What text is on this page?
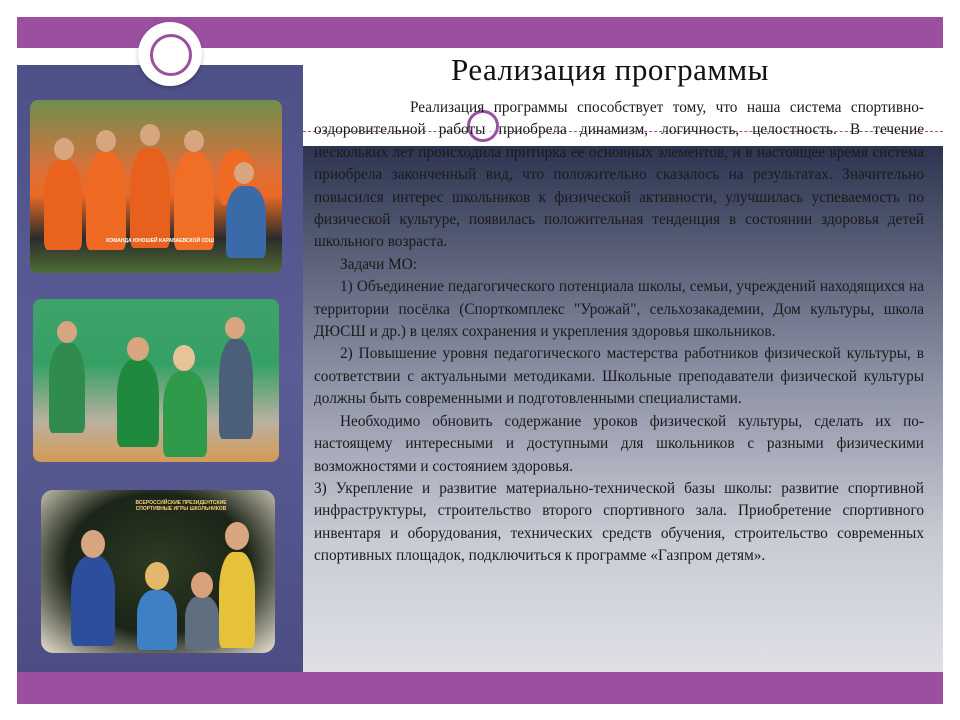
КОМАНДА ЮНОШЕЙ КАРАВАЕВСКОЙ СОШ
ВСЕРОССИЙСКИЕ ПРЕЗИДЕНТСКИЕ СПОРТИВНЫЕ ИГРЫ ШКОЛЬНИКОВ
Реализация программы

Реализация программы способствует тому, что наша система спортивно-оздоровительной работы приобрела динамизм, логичность, целостность. В течение нескольких лет происходила притирка ее основных элементов, и в настоящее время система приобрела законченный вид, что положительно сказалось на результатах. Значительно повысился интерес школьников к физической активности, улучшилась успеваемость по физической культуре, появилась положительная тенденция в состоянии здоровья детей школьного возраста.

Задачи МО:

1) Объединение педагогического потенциала школы, семьи, учреждений находящихся на территории посёлка (Спорткомплекс "Урожай", сельхозакадемии, Дом культуры, школа ДЮСШ и др.) в целях сохранения и укрепления здоровья школьников.

2) Повышение уровня педагогического мастерства работников физической культуры, в соответствии с актуальными методиками. Школьные преподаватели физической культуры должны быть современными и подготовленными специалистами.

Необходимо обновить содержание уроков физической культуры, сделать их по-настоящему интересными и доступными для школьников с разными физическими возможностями и состоянием здоровья.

3) Укрепление и развитие материально-технической базы школы: развитие спортивной инфраструктуры, строительство второго спортивного зала. Приобретение спортивного инвентаря и оборудования, технических средств обучения, строительство современных спортивных площадок, подключиться к программе «Газпром детям».
